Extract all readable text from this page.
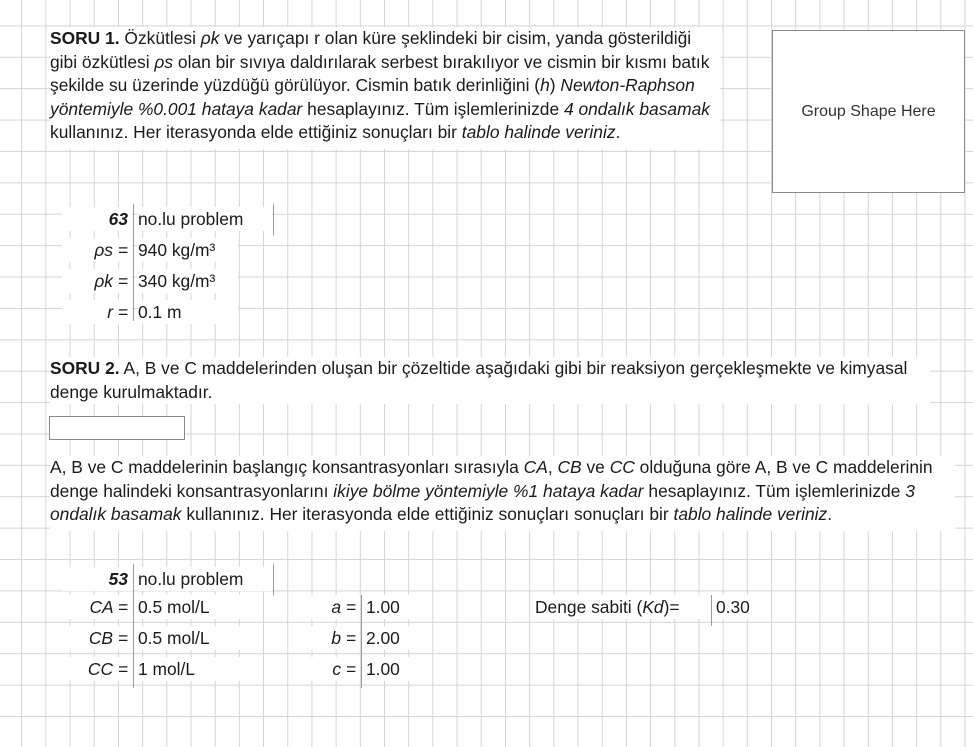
SORU 1. Özkütlesi ρk ve yarıçapı r olan küre şeklindeki bir cisim, yanda gösterildiği gibi özkütlesi ρs olan bir sıvıya daldırılarak serbest bırakılıyor ve cismin bir kısmı batık şekilde su üzerinde yüzdüğü görülüyor. Cismin batık derinliğini (h) Newton-Raphson yöntemiyle %0.001 hataya kadar hesaplayınız. Tüm işlemlerinizde 4 ondalık basamak kullanınız. Her iterasyonda elde ettiğiniz sonuçları bir tablo halinde veriniz.

Group Shape Here
63 no.lu problem
ρs = 940 kg/m³
ρk = 340 kg/m³
r = 0.1 m

SORU 2. A, B ve C maddelerinden oluşan bir çözeltide aşağıdaki gibi bir reaksiyon gerçekleşmekte ve kimyasal denge kurulmaktadır.

A, B ve C maddelerinin başlangıç konsantrasyonları sırasıyla CA, CB ve CC olduğuna göre A, B ve C maddelerinin denge halindeki konsantrasyonlarını ikiye bölme yöntemiyle %1 hataya kadar hesaplayınız. Tüm işlemlerinizde 3 ondalık basamak kullanınız. Her iterasyonda elde ettiğiniz sonuçları sonuçları bir tablo halinde veriniz.

53 no.lu problem
CA = 0.5 mol/L
CB = 0.5 mol/L
CC = 1 mol/L
a = 1.00
b = 2.00
c = 1.00
Denge sabiti (Kd)=	0.30
